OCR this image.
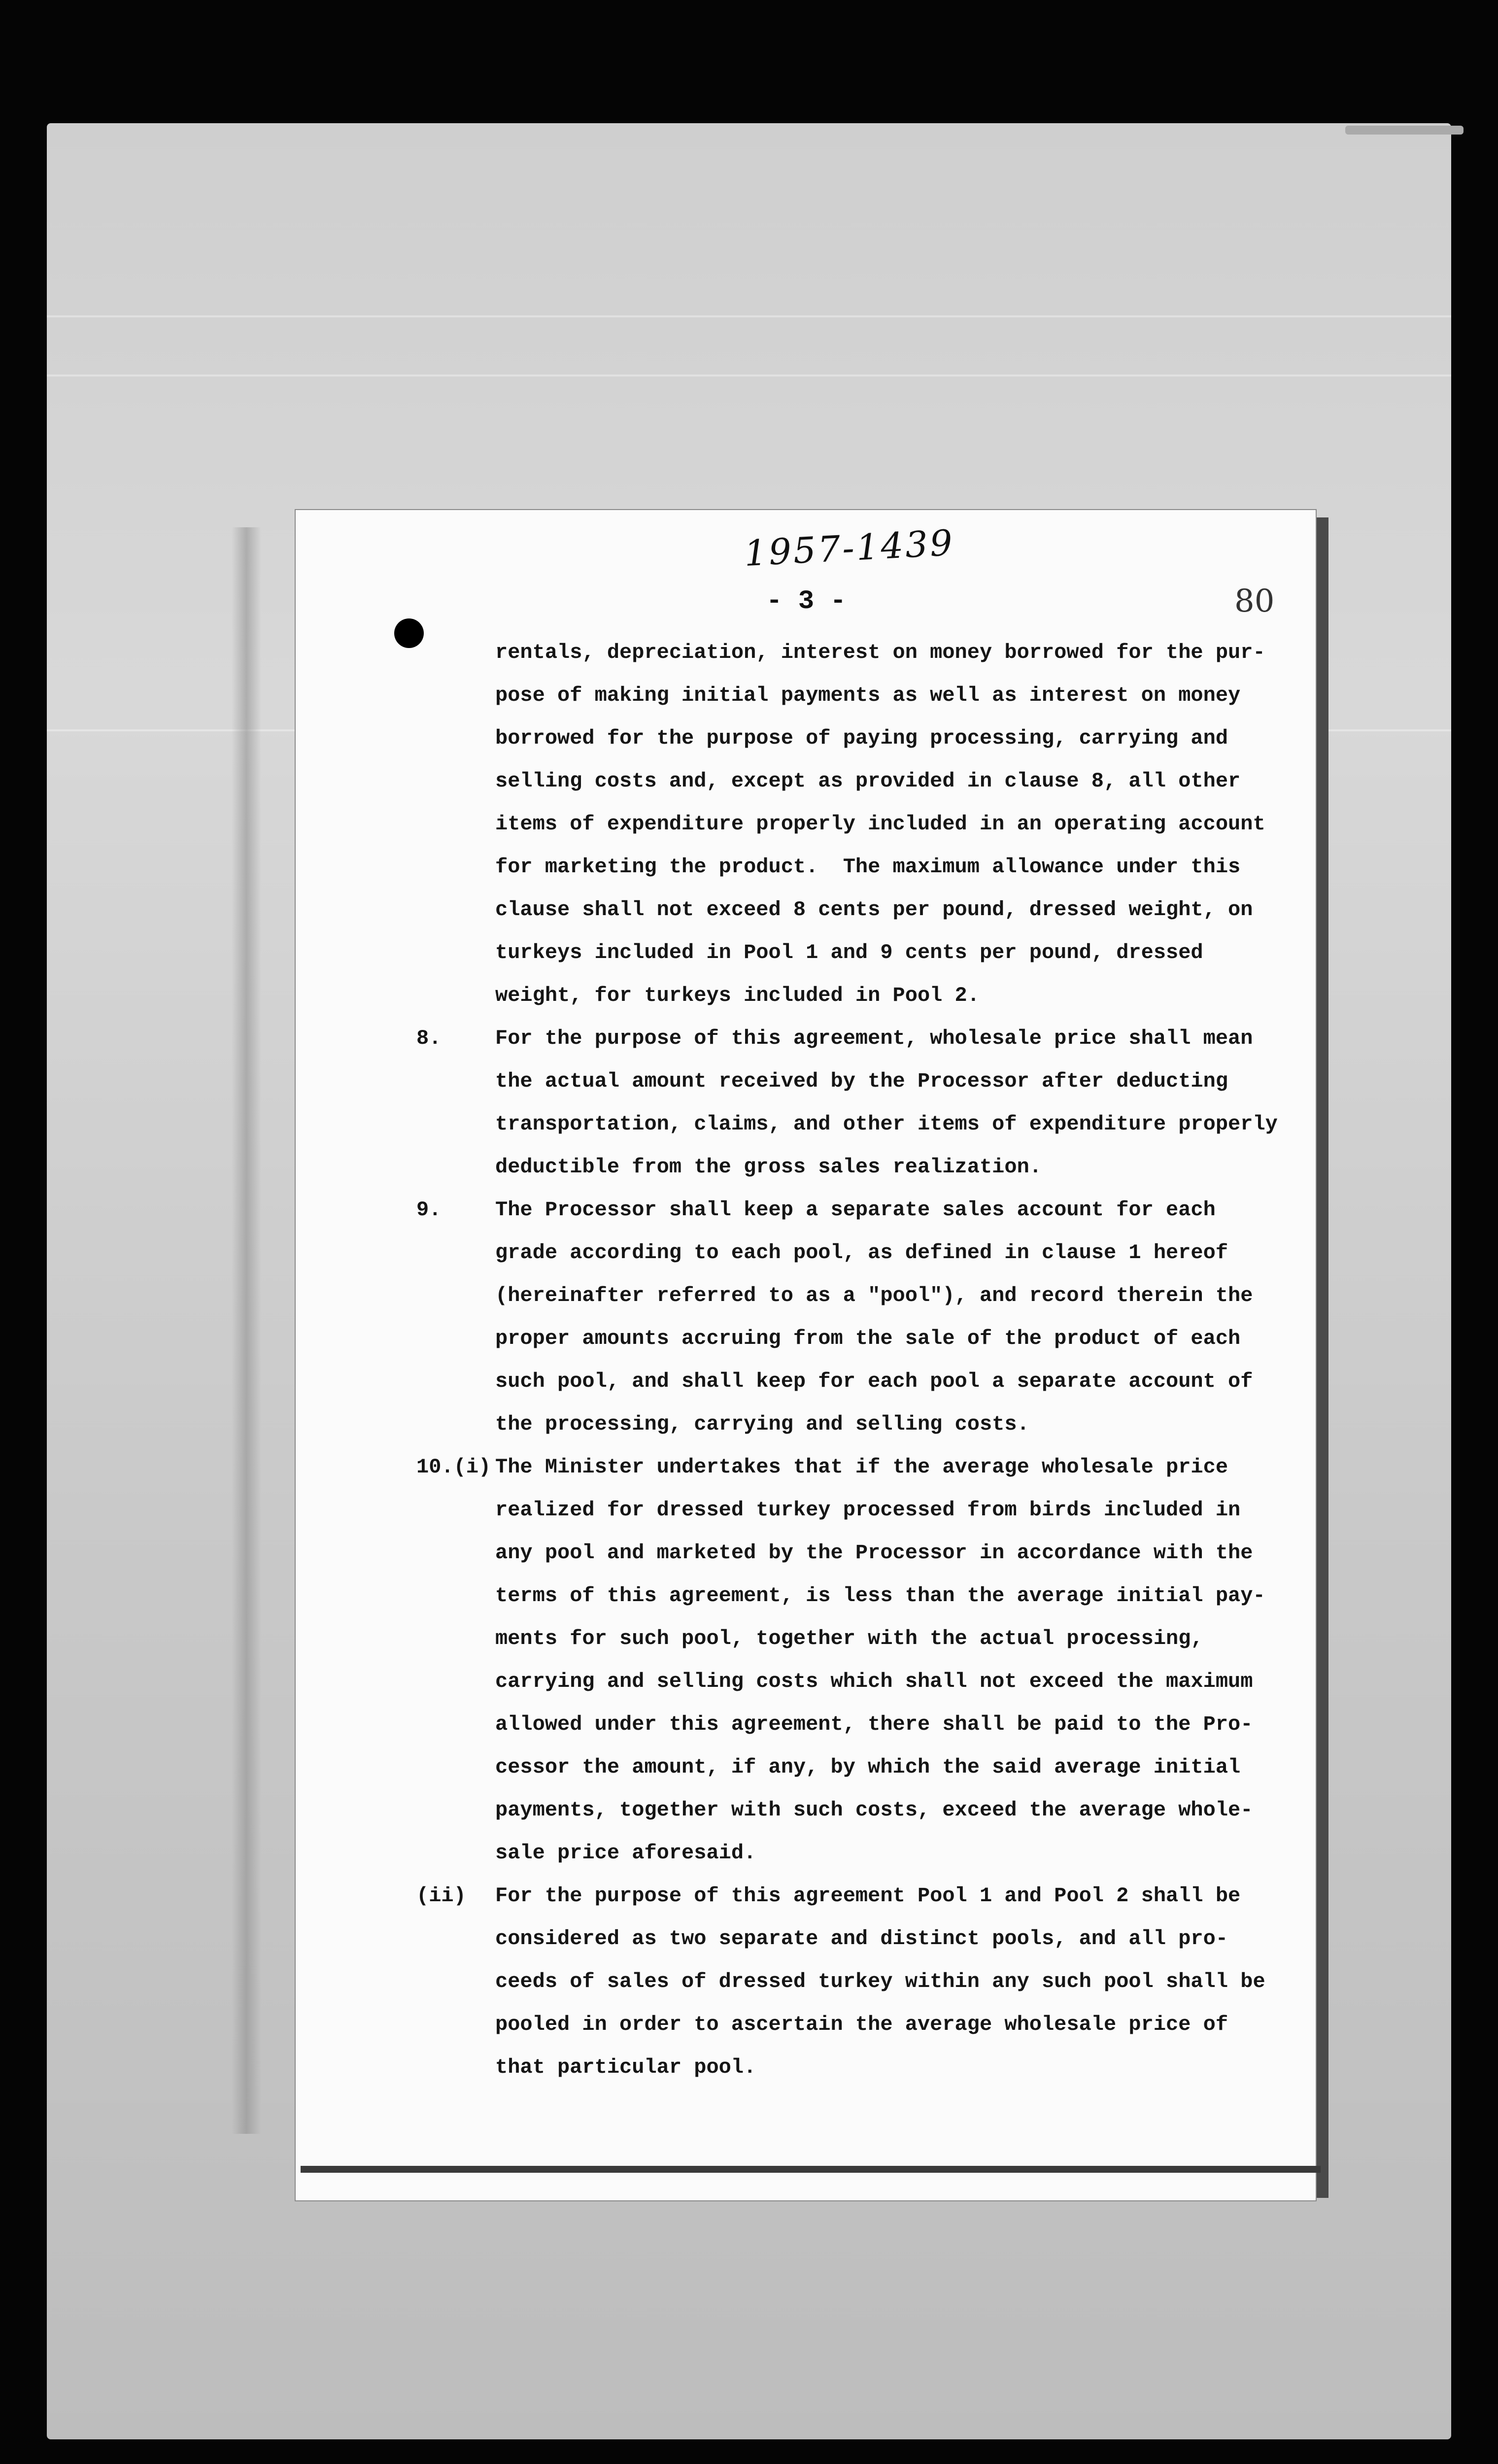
1957-1439
- 3 -	80
rentals, depreciation, interest on money borrowed for the pur-
pose of making initial payments as well as interest on money
borrowed for the purpose of paying processing, carrying and
selling costs and, except as provided in clause 8, all other
items of expenditure properly included in an operating account
for marketing the product.  The maximum allowance under this
clause shall not exceed 8 cents per pound, dressed weight, on
turkeys included in Pool 1 and 9 cents per pound, dressed
weight, for turkeys included in Pool 2.
8.	For the purpose of this agreement, wholesale price shall mean
the actual amount received by the Processor after deducting
transportation, claims, and other items of expenditure properly
deductible from the gross sales realization.
9.	The Processor shall keep a separate sales account for each
grade according to each pool, as defined in clause 1 hereof
(hereinafter referred to as a "pool"), and record therein the
proper amounts accruing from the sale of the product of each
such pool, and shall keep for each pool a separate account of
the processing, carrying and selling costs.
10.(i) The Minister undertakes that if the average wholesale price
realized for dressed turkey processed from birds included in
any pool and marketed by the Processor in accordance with the
terms of this agreement, is less than the average initial pay-
ments for such pool, together with the actual processing,
carrying and selling costs which shall not exceed the maximum
allowed under this agreement, there shall be paid to the Pro-
cessor the amount, if any, by which the said average initial
payments, together with such costs, exceed the average whole-
sale price aforesaid.
(ii) For the purpose of this agreement Pool 1 and Pool 2 shall be
considered as two separate and distinct pools, and all pro-
ceeds of sales of dressed turkey within any such pool shall be
pooled in order to ascertain the average wholesale price of
that particular pool.
